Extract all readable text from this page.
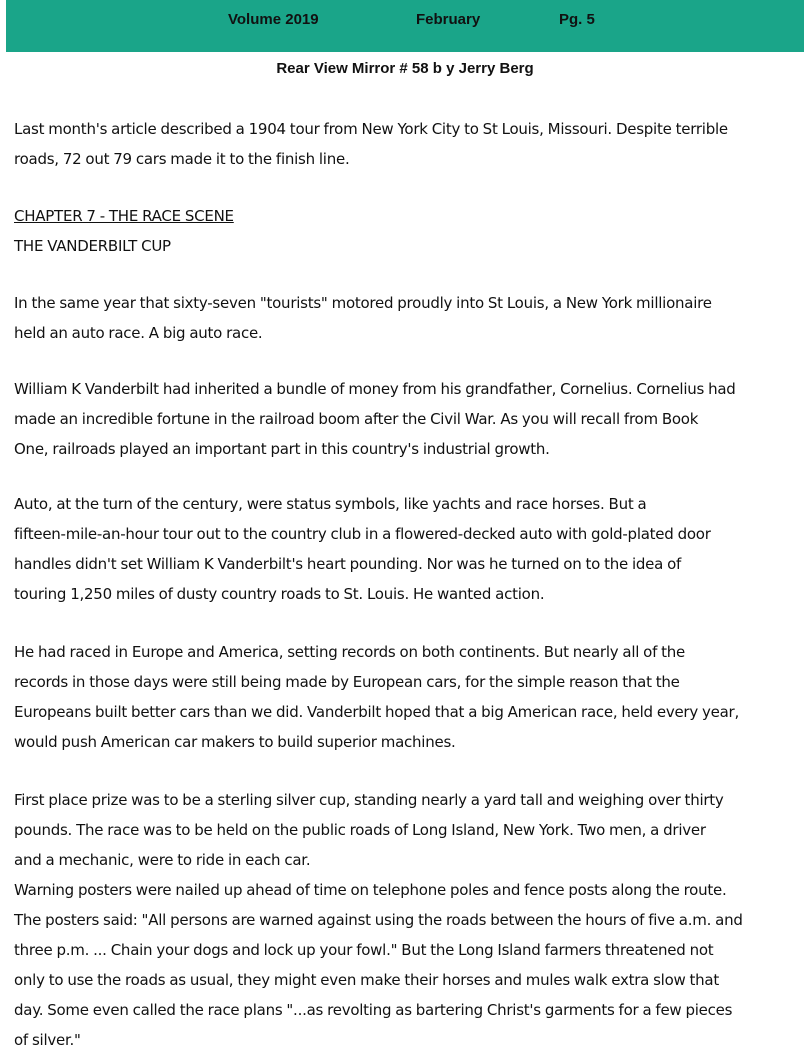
Volume 2019	February	Pg. 5
Rear View Mirror # 58 b y Jerry Berg
Last month's article described a 1904 tour from New York City to St Louis, Missouri. Despite terrible
roads, 72 out 79 cars made it to the finish line.
CHAPTER 7 - THE RACE SCENE
THE VANDERBILT CUP
In the same year that sixty-seven "tourists" motored proudly into St Louis, a New York millionaire
held an auto race. A big auto race.
William K Vanderbilt had inherited a bundle of money from his grandfather, Cornelius. Cornelius had
made an incredible fortune in the railroad boom after the Civil War. As you will recall from Book
One, railroads played an important part in this country's industrial growth.
Auto, at the turn of the century, were status symbols, like yachts and race horses. But a
fifteen-mile-an-hour tour out to the country club in a flowered-decked auto with gold-plated door
handles didn't set William K Vanderbilt's heart pounding. Nor was he turned on to the idea of
touring 1,250 miles of dusty country roads to St. Louis. He wanted action.
He had raced in Europe and America, setting records on both continents. But nearly all of the
records in those days were still being made by European cars, for the simple reason that the
Europeans built better cars than we did. Vanderbilt hoped that a big American race, held every year,
would push American car makers to build superior machines.
First place prize was to be a sterling silver cup, standing nearly a yard tall and weighing over thirty
pounds. The race was to be held on the public roads of Long Island, New York. Two men, a driver
and a mechanic, were to ride in each car.
Warning posters were nailed up ahead of time on telephone poles and fence posts along the route.
The posters said: "All persons are warned against using the roads between the hours of five a.m. and
three p.m. ... Chain your dogs and lock up your fowl." But the Long Island farmers threatened not
only to use the roads as usual, they might even make their horses and mules walk extra slow that
day. Some even called the race plans "...as revolting as bartering Christ's garments for a few pieces
of silver."
